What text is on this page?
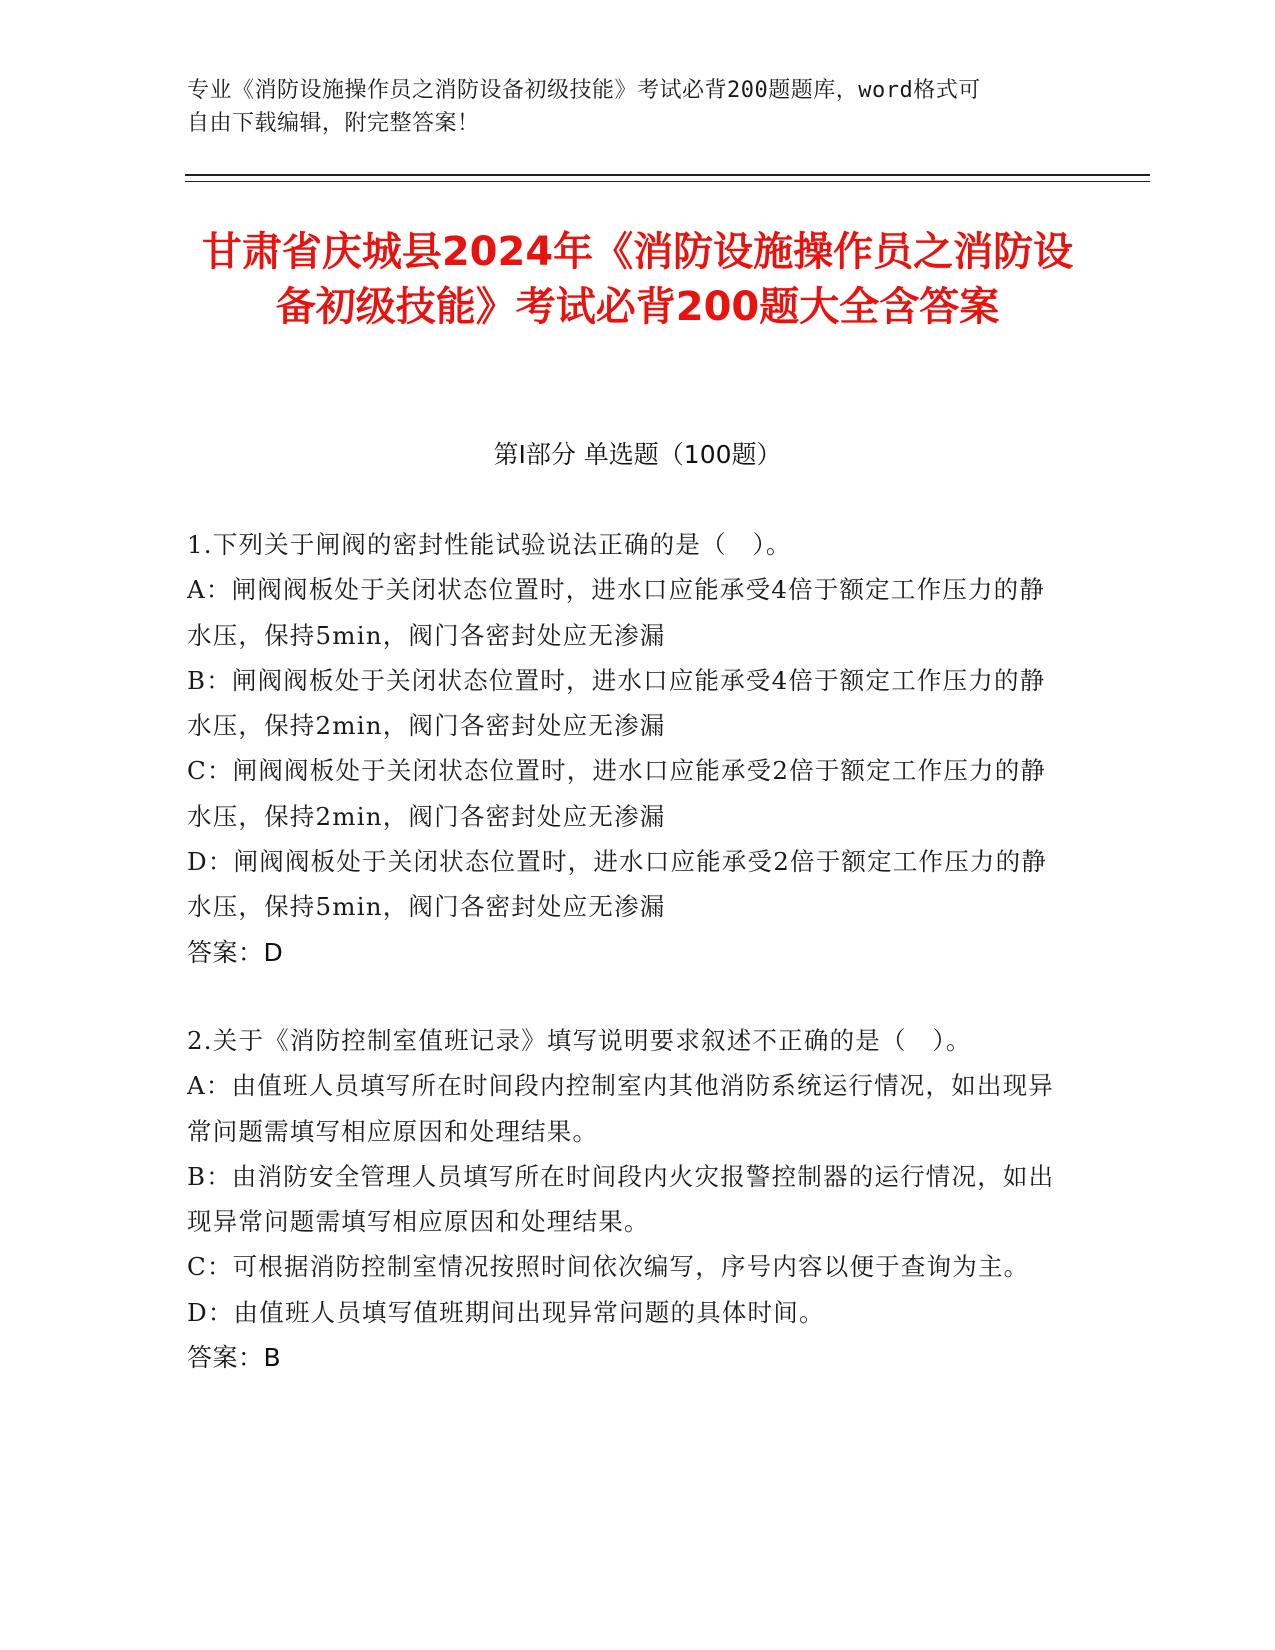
专业《消防设施操作员之消防设备初级技能》考试必背200题题库，word格式可
自由下载编辑，附完整答案！
甘肃省庆城县2024年《消防设施操作员之消防设备初级技能》考试必背200题大全含答案
第I部分 单选题（100题）
1.下列关于闸阀的密封性能试验说法正确的是（　）。
A：闸阀阀板处于关闭状态位置时，进水口应能承受4倍于额定工作压力的静水压，保持5min，阀门各密封处应无渗漏
B：闸阀阀板处于关闭状态位置时，进水口应能承受4倍于额定工作压力的静水压，保持2min，阀门各密封处应无渗漏
C：闸阀阀板处于关闭状态位置时，进水口应能承受2倍于额定工作压力的静水压，保持2min，阀门各密封处应无渗漏
D：闸阀阀板处于关闭状态位置时，进水口应能承受2倍于额定工作压力的静水压，保持5min，阀门各密封处应无渗漏
答案：D
2.关于《消防控制室值班记录》填写说明要求叙述不正确的是（　）。
A：由值班人员填写所在时间段内控制室内其他消防系统运行情况，如出现异常问题需填写相应原因和处理结果。
B：由消防安全管理人员填写所在时间段内火灾报警控制器的运行情况，如出现异常问题需填写相应原因和处理结果。
C：可根据消防控制室情况按照时间依次编写，序号内容以便于查询为主。
D：由值班人员填写值班期间出现异常问题的具体时间。
答案：B
